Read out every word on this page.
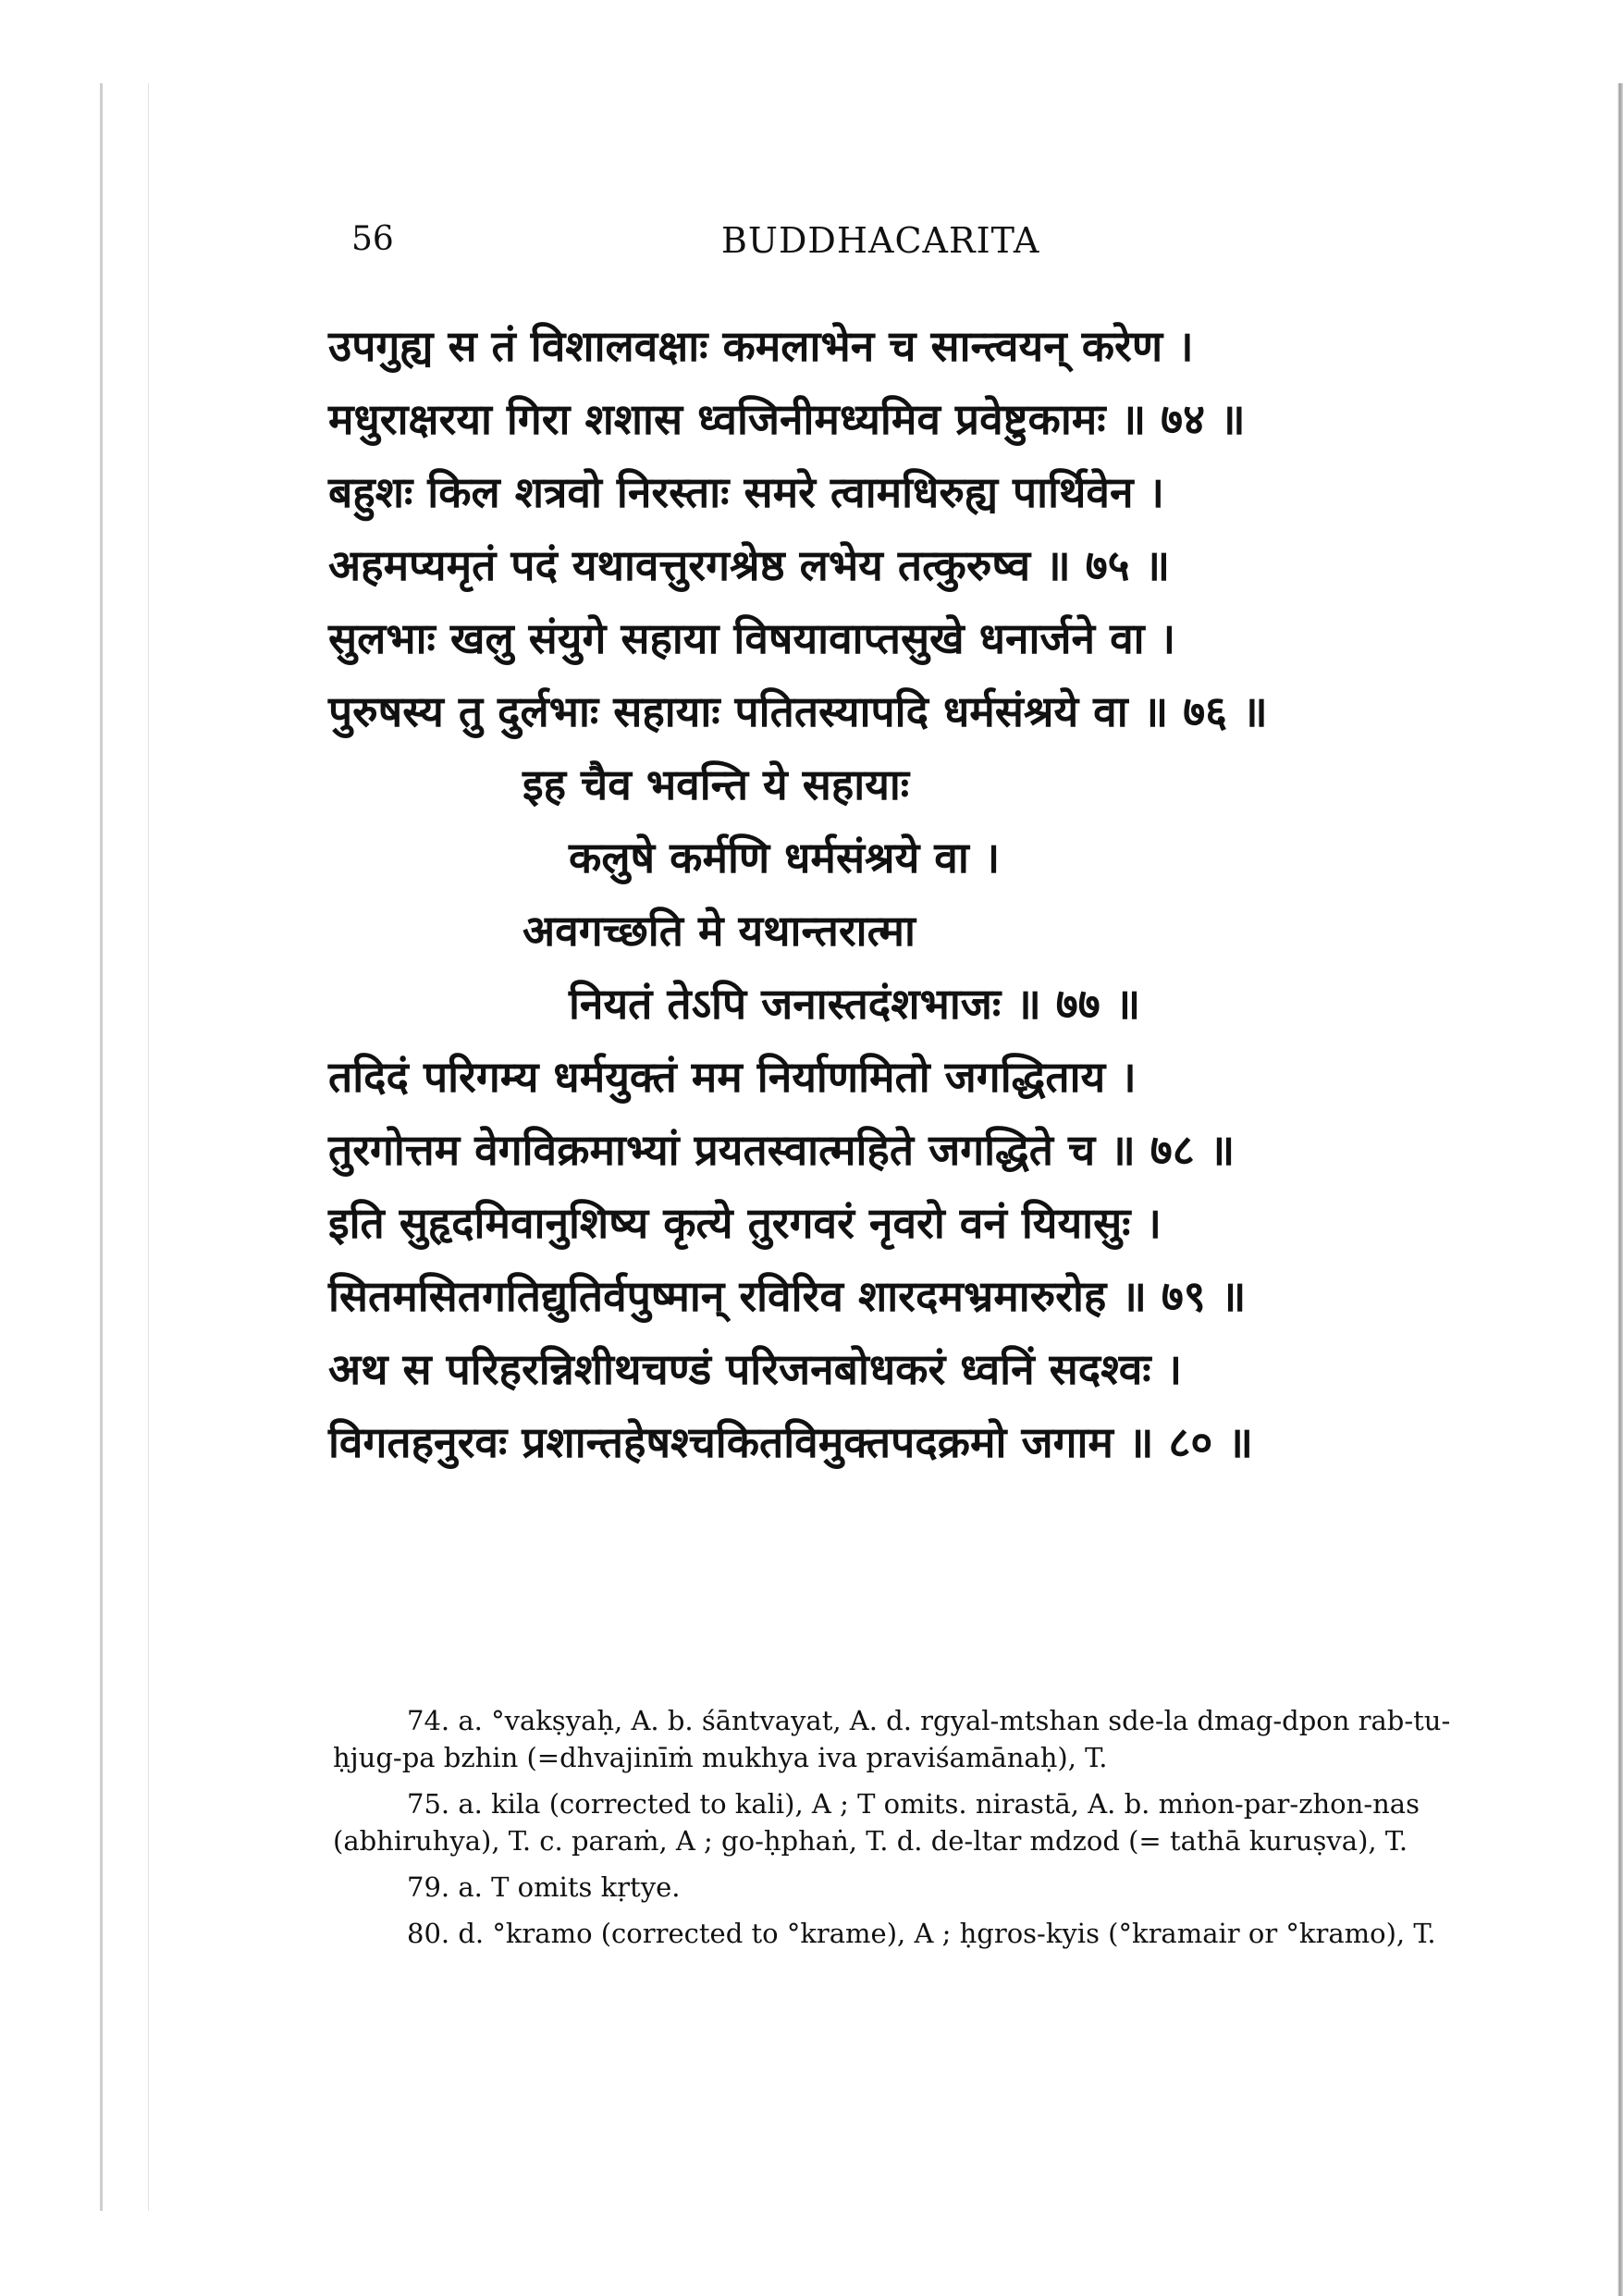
56	BUDDHACARITA
उपगुह्य स तं विशालवक्षाः कमलाभेन च सान्त्वयन् करेण ।
मधुराक्षरया गिरा शशास ध्वजिनीमध्यमिव प्रवेष्टुकामः ॥ ७४ ॥
बहुशः किल शत्रवो निरस्ताः समरे त्वामधिरुह्य पार्थिवेन ।
अहमप्यमृतं पदं यथावत्तुरगश्रेष्ठ लभेय तत्कुरुष्व ॥ ७५ ॥
सुलभाः खलु संयुगे सहाया विषयावाप्तसुखे धनार्जने वा ।
पुरुषस्य तु दुर्लभाः सहायाः पतितस्यापदि धर्मसंश्रये वा ॥ ७६ ॥
इह चैव भवन्ति ये सहायाः
कलुषे कर्मणि धर्मसंश्रये वा ।
अवगच्छति मे यथान्तरात्मा
नियतं तेऽपि जनास्तदंशभाजः ॥ ७७ ॥
तदिदं परिगम्य धर्मयुक्तं मम निर्याणमितो जगद्धिताय ।
तुरगोत्तम वेगविक्रमाभ्यां प्रयतस्वात्महिते जगद्धिते च ॥ ७८ ॥
इति सुहृदमिवानुशिष्य कृत्ये तुरगवरं नृवरो वनं यियासुः ।
सितमसितगतिद्युतिर्वपुष्मान् रविरिव शारदमभ्रमारुरोह ॥ ७९ ॥
अथ स परिहरन्निशीथचण्डं परिजनबोधकरं ध्वनिं सदश्वः ।
विगतहनुरवः प्रशान्तहेषश्चकितविमुक्तपदक्रमो जगाम ॥ ८० ॥

74. a. °vakṣyaḥ, A. b. śāntvayat, A. d. rgyal-mtshan sde-la dmag-dpon rab-tu-ḥjug-pa bzhin (=dhvajinīṁ mukhya iva praviśamānaḥ), T.

75. a. kila (corrected to kali), A ; T omits. nirastā, A. b. mṅon-par-zhon-nas (abhiruhya), T. c. paraṁ, A ; go-ḥphaṅ, T. d. de-ltar mdzod (= tathā kuruṣva), T.

79. a. T omits kṛtye.

80. d. °kramo (corrected to °krame), A ; ḥgros-kyis (°kramair or °kramo), T.
